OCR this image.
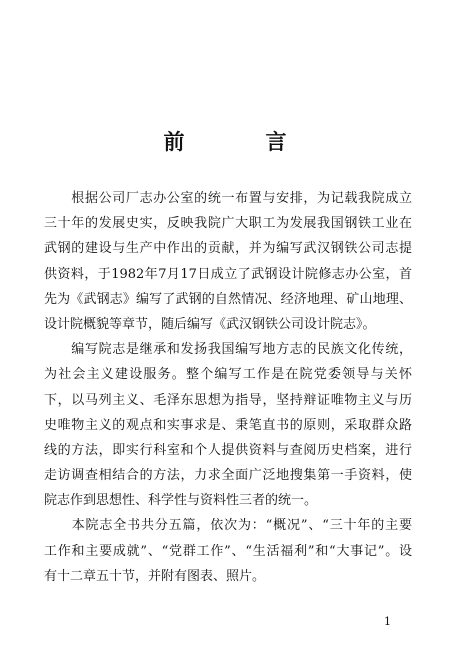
前　言
　　根据公司厂志办公室的统一布置与安排，为记载我院成立
三十年的发展史实，反映我院广大职工为发展我国钢铁工业在
武钢的建设与生产中作出的贡献，并为编写武汉钢铁公司志提
供资料，于1982年7月17日成立了武钢设计院修志办公室，首
先为《武钢志》编写了武钢的自然情况、经济地理、矿山地理、
设计院概貌等章节，随后编写《武汉钢铁公司设计院志》。
　　编写院志是继承和发扬我国编写地方志的民族文化传统，
为社会主义建设服务。整个编写工作是在院党委领导与关怀
下，以马列主义、毛泽东思想为指导，坚持辩证唯物主义与历
史唯物主义的观点和实事求是、秉笔直书的原则，采取群众路
线的方法，即实行科室和个人提供资料与查阅历史档案，进行
走访调查相结合的方法，力求全面广泛地搜集第一手资料，使
院志作到思想性、科学性与资料性三者的统一。
　　本院志全书共分五篇，依次为：“概况”、“三十年的主要
工作和主要成就”、“党群工作”、“生活福利”和“大事记”。设
有十二章五十节，并附有图表、照片。
1
